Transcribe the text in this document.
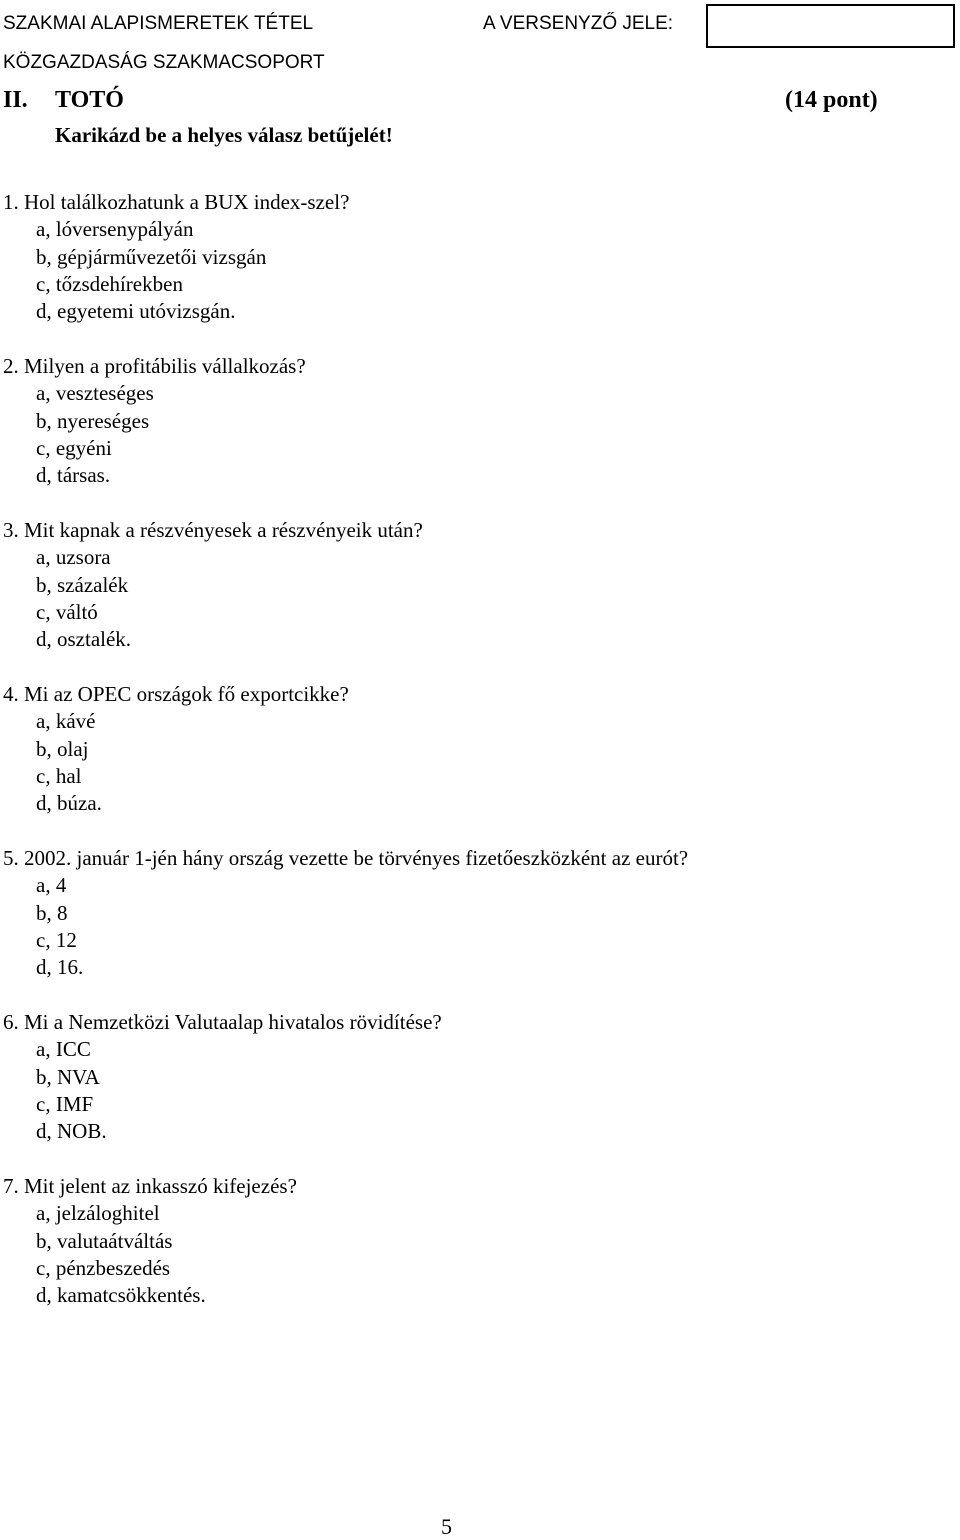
SZAKMAI ALAPISMERETEK TÉTEL
KÖZGAZDASÁG SZAKMACSOPORT
A VERSENYZŐ JELE:
II. TOTÓ	(14 pont)
Karikázd be a helyes válasz betűjelét!
1. Hol találkozhatunk a BUX index-szel?
a, lóversenypályán
b, gépjárművezetői vizsgán
c, tőzsdehírekben
d, egyetemi utóvizsgán.
2. Milyen a profitábilis vállalkozás?
a, veszteséges
b, nyereséges
c, egyéni
d, társas.
3. Mit kapnak a részvényesek a részvényeik után?
a, uzsora
b, százalék
c, váltó
d, osztalék.
4. Mi az OPEC országok fő exportcikke?
a, kávé
b, olaj
c, hal
d, búza.
5. 2002. január 1-jén hány ország vezette be törvényes fizetőeszközként az eurót?
a, 4
b, 8
c, 12
d, 16.
6. Mi a Nemzetközi Valutaalap hivatalos rövidítése?
a, ICC
b, NVA
c, IMF
d, NOB.
7. Mit jelent az inkasszó kifejezés?
a, jelzáloghitel
b, valutaátváltás
c, pénzbeszedés
d, kamatcsökkentés.
5
